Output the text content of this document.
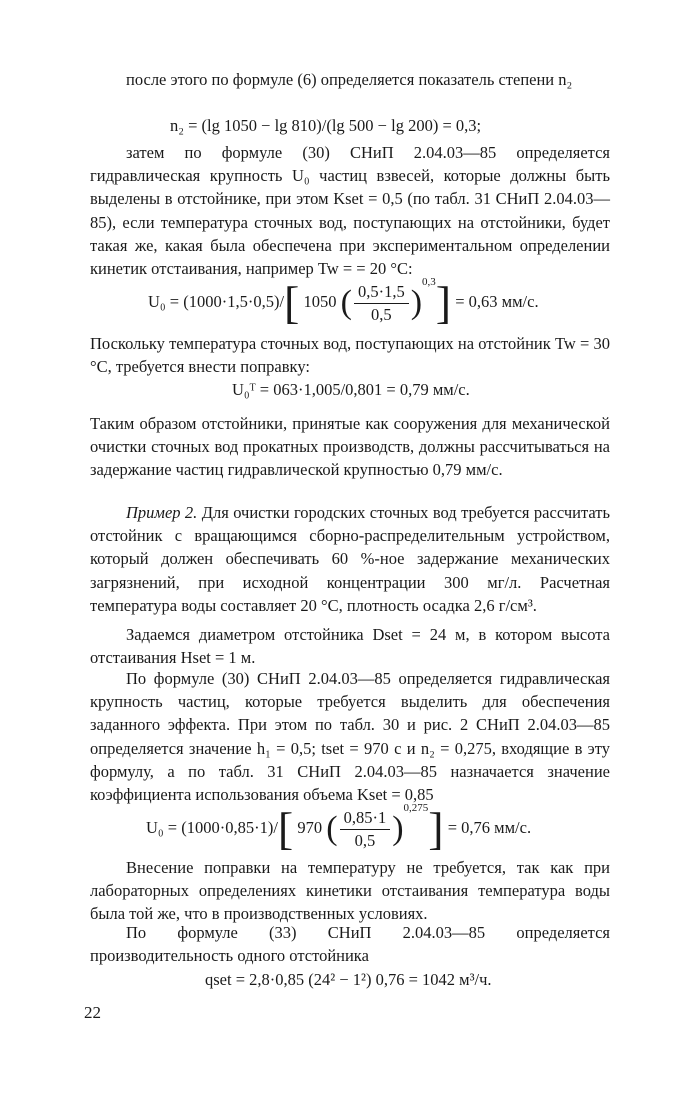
после этого по формуле (6) определяется показатель степени n₂

n₂ = (lg 1050 − lg 810)/(lg 500 − lg 200) = 0,3;

затем по формуле (30) СНиП 2.04.03—85 определяется гидравлическая крупность U₀ частиц взвесей, которые должны быть выделены в отстойнике, при этом Kset = 0,5 (по табл. 31 СНиП 2.04.03—85), если температура сточных вод, поступающих на отстойники, будет такая же, какая была обеспечена при экспериментальном определении кинетик отстаивания, например Tw = = 20 °С:

U₀ = (1000·1,5·0,5)/[ 1050 ( $\frac{0,5\cdot 1,5}{0,5} )^{0,3}] = 0,63$ мм/с.

Поскольку температура сточных вод, поступающих на отстойник Tw = 30 °С, требуется внести поправку:

U₀ᵀ = 063·1,005/0,801 = 0,79 мм/с.

Таким образом отстойники, принятые как сооружения для механической очистки сточных вод прокатных производств, должны рассчитываться на задержание частиц гидравлической крупностью 0,79 мм/с.

Пример 2. Для очистки городских сточных вод требуется рассчитать отстойник с вращающимся сборно-распределительным устройством, который должен обеспечивать 60 %-ное задержание механических загрязнений, при исходной концентрации 300 мг/л. Расчетная температура воды составляет 20 °С, плотность осадка 2,6 г/см³.

Задаемся диаметром отстойника Dset = 24 м, в котором высота отстаивания Hset = 1 м.

По формуле (30) СНиП 2.04.03—85 определяется гидравлическая крупность частиц, которые требуется выделить для обеспечения заданного эффекта. При этом по табл. 30 и рис. 2 СНиП 2.04.03—85 определяется значение h₁ = 0,5; tset = 970 с и n₂ = 0,275, входящие в эту формулу, а по табл. 31 СНиП 2.04.03—85 назначается значение коэффициента использования объема Kset = 0,85

U₀ = (1000·0,85·1)/[ 970 ( $\frac{0,85\cdot 1}{0,5} )^{0,275}] = 0,76$ мм/с.

Внесение поправки на температуру не требуется, так как при лабораторных определениях кинетики отстаивания температура воды была той же, что в производственных условиях.

По формуле (33) СНиП 2.04.03—85 определяется производительность одного отстойника

qset = 2,8·0,85 (24² − 1²) 0,76 = 1042 м³/ч.

22
